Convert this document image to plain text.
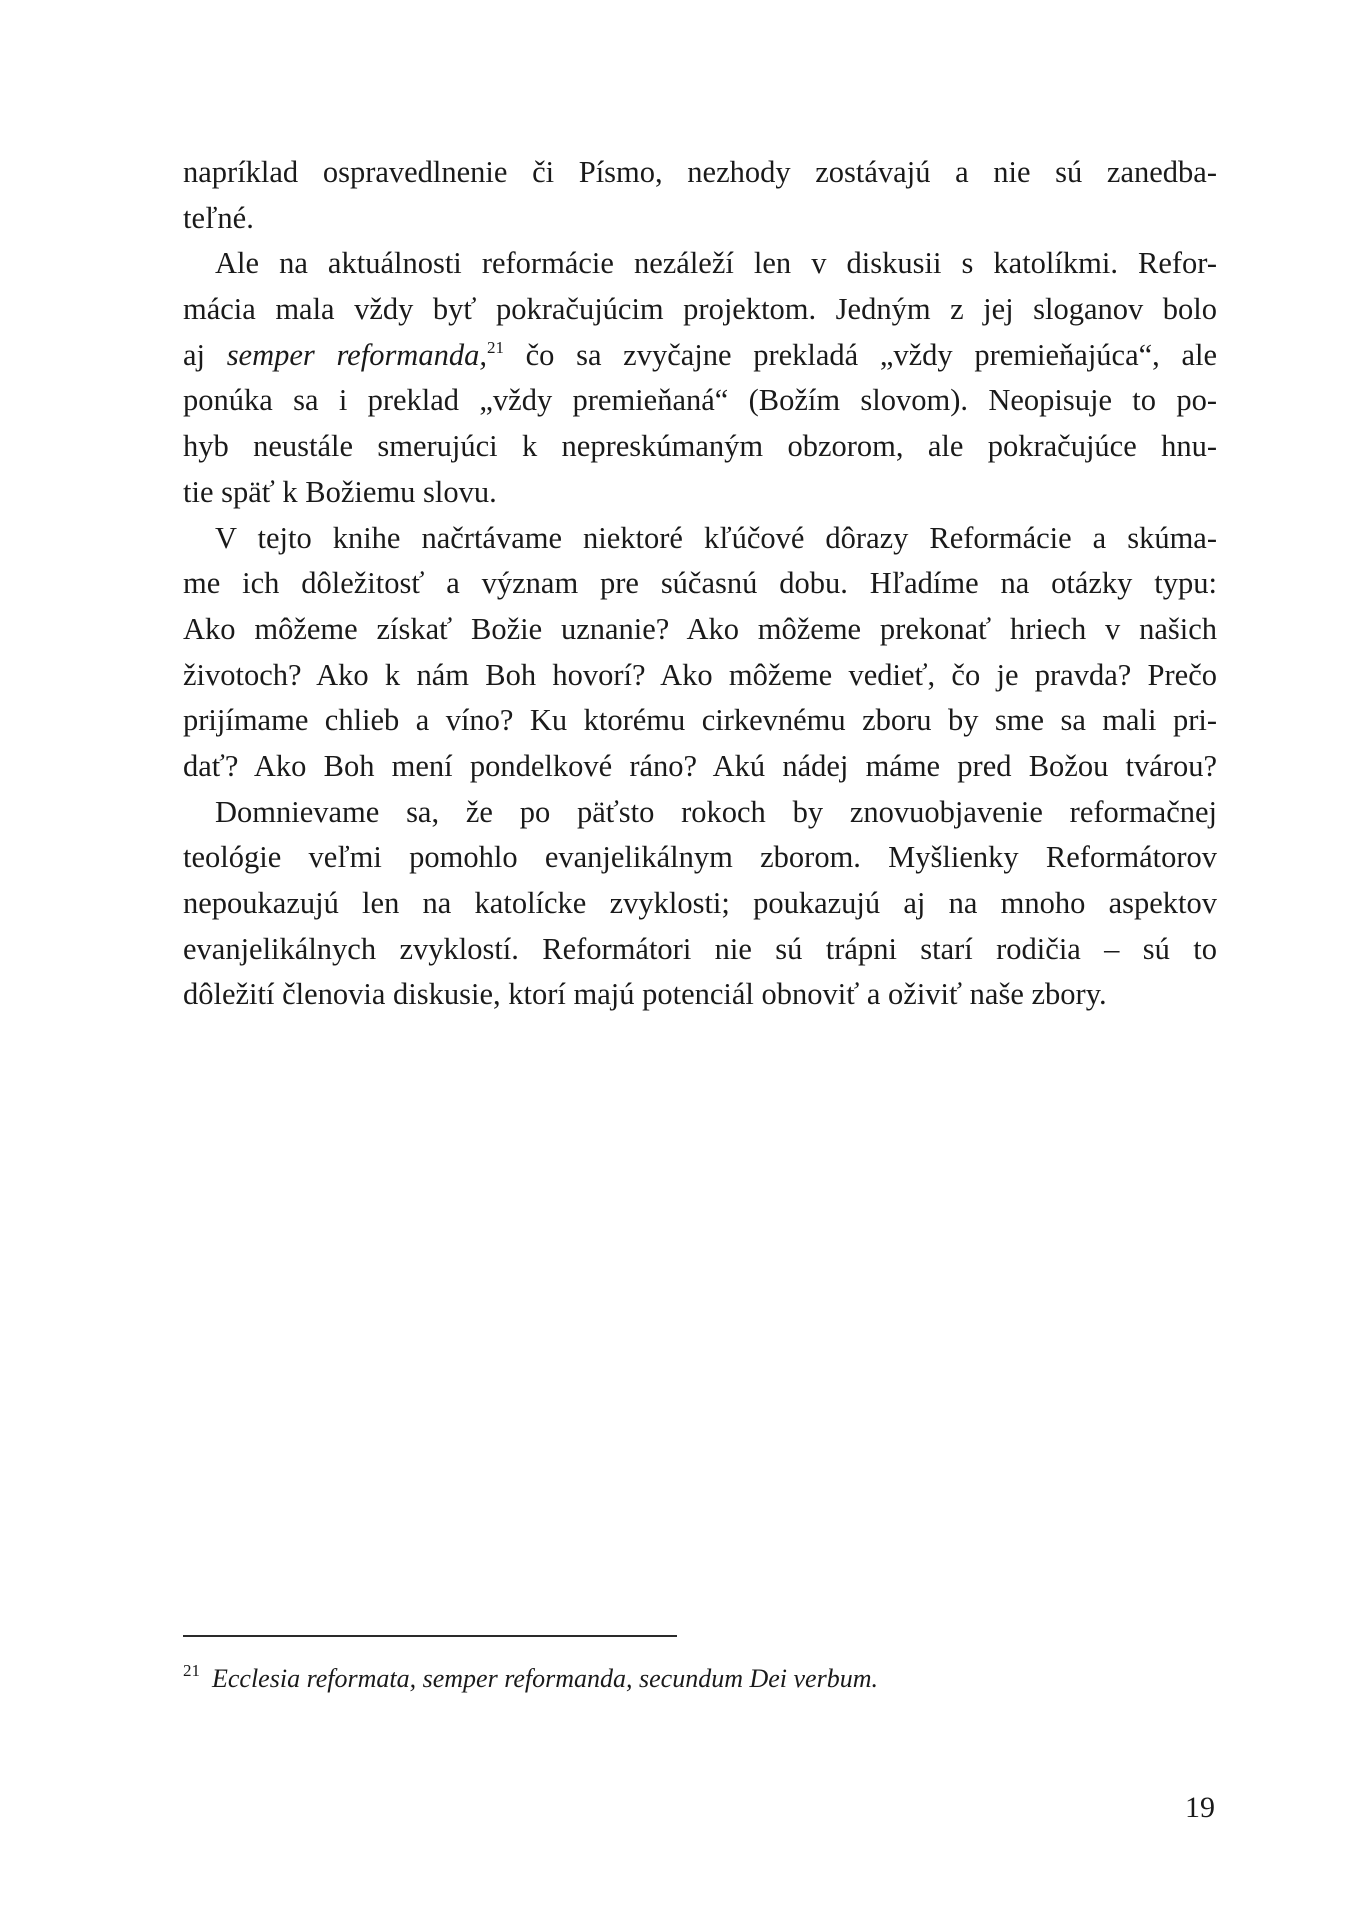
napríklad ospravedlnenie či Písmo, nezhody zostávajú a nie sú zanedba-
teľné.
Ale na aktuálnosti reformácie nezáleží len v diskusii s katolíkmi. Refor-
mácia mala vždy byť pokračujúcim projektom. Jedným z jej sloganov bolo
aj semper reformanda,$^{21}$ čo sa zvyčajne prekladá „vždy premieňajúca“, ale
ponúka sa i preklad „vždy premieňaná“ (Božím slovom). Neopisuje to po-
hyb neustále smerujúci k nepreskúmaným obzorom, ale pokračujúce hnu-
tie späť k Božiemu slovu.
V tejto knihe načrtávame niektoré kľúčové dôrazy Reformácie a skúma-
me ich dôležitosť a význam pre súčasnú dobu. Hľadíme na otázky typu:
Ako môžeme získať Božie uznanie? Ako môžeme prekonať hriech v našich
životoch? Ako k nám Boh hovorí? Ako môžeme vedieť, čo je pravda? Prečo
prijímame chlieb a víno? Ku ktorému cirkevnému zboru by sme sa mali pri-
dať? Ako Boh mení pondelkové ráno? Akú nádej máme pred Božou tvárou?
Domnievame sa, že po päťsto rokoch by znovuobjavenie reformačnej
teológie veľmi pomohlo evanjelikálnym zborom. Myšlienky Reformátorov
nepoukazujú len na katolícke zvyklosti; poukazujú aj na mnoho aspektov
evanjelikálnych zvyklostí. Reformátori nie sú trápni starí rodičia – sú to
dôležití členovia diskusie, ktorí majú potenciál obnoviť a oživiť naše zbory.
$^{21}$ Ecclesia reformata, semper reformanda, secundum Dei verbum.
19
